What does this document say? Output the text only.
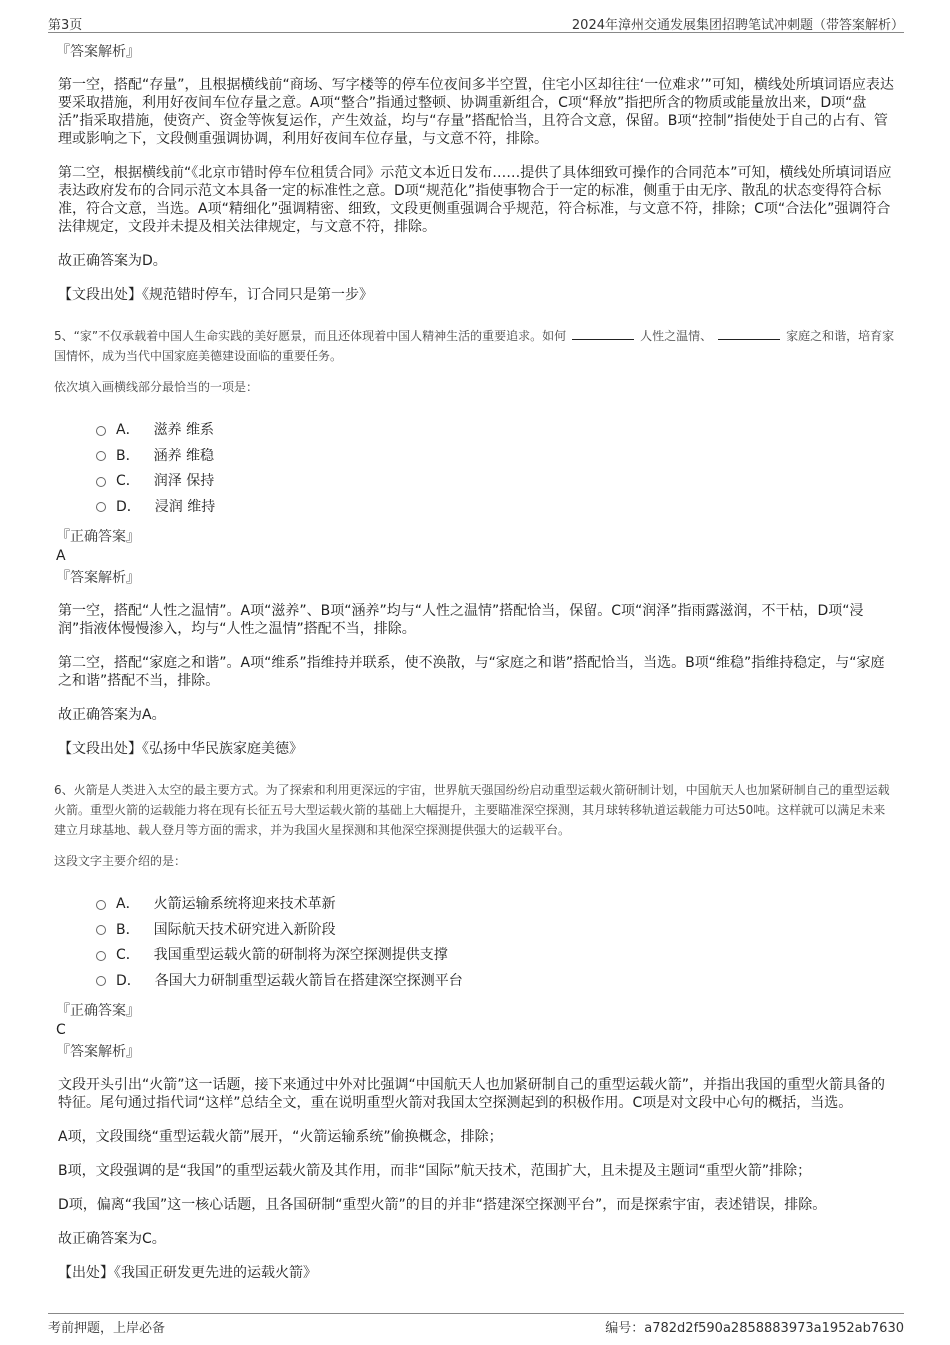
第3页	2024年漳州交通发展集团招聘笔试冲刺题（带答案解析）
『答案解析』

第一空，搭配“存量”，且根据横线前“商场、写字楼等的停车位夜间多半空置，住宅小区却往往‘一位难求’”可知，横线处所填词语应表达要采取措施，利用好夜间车位存量之意。A项“整合”指通过整顿、协调重新组合，C项“释放”指把所含的物质或能量放出来，D项“盘活”指采取措施，使资产、资金等恢复运作，产生效益，均与“存量”搭配恰当，且符合文意，保留。B项“控制”指使处于自己的占有、管理或影响之下，文段侧重强调协调，利用好夜间车位存量，与文意不符，排除。

第二空，根据横线前“《北京市错时停车位租赁合同》示范文本近日发布……提供了具体细致可操作的合同范本”可知，横线处所填词语应表达政府发布的合同示范文本具备一定的标准性之意。D项“规范化”指使事物合于一定的标准，侧重于由无序、散乱的状态变得符合标准，符合文意，当选。A项“精细化”强调精密、细致，文段更侧重强调合乎规范，符合标准，与文意不符，排除；C项“合法化”强调符合法律规定，文段并未提及相关法律规定，与文意不符，排除。

故正确答案为D。

【文段出处】《规范错时停车，订合同只是第一步》

5、“家”不仅承载着中国人生命实践的美好愿景，而且还体现着中国人精神生活的重要追求。如何	人性之温情、	家庭之和谐，培育家国情怀，成为当代中国家庭美德建设面临的重要任务。
依次填入画横线部分最恰当的一项是：
A． 滋养 维系
B． 涵养 维稳
C． 润泽 保持
D． 浸润 维持
『正确答案』
A
『答案解析』

第一空，搭配“人性之温情”。A项“滋养”、B项“涵养”均与“人性之温情”搭配恰当，保留。C项“润泽”指雨露滋润，不干枯，D项“浸润”指液体慢慢渗入，均与“人性之温情”搭配不当，排除。

第二空，搭配“家庭之和谐”。A项“维系”指维持并联系，使不涣散，与“家庭之和谐”搭配恰当，当选。B项“维稳”指维持稳定，与“家庭之和谐”搭配不当，排除。

故正确答案为A。

【文段出处】《弘扬中华民族家庭美德》

6、火箭是人类进入太空的最主要方式。为了探索和利用更深远的宇宙，世界航天强国纷纷启动重型运载火箭研制计划，中国航天人也加紧研制自己的重型运载火箭。重型火箭的运载能力将在现有长征五号大型运载火箭的基础上大幅提升，主要瞄准深空探测，其月球转移轨道运载能力可达50吨。这样就可以满足未来建立月球基地、载人登月等方面的需求，并为我国火星探测和其他深空探测提供强大的运载平台。
这段文字主要介绍的是：
A． 火箭运输系统将迎来技术革新
B． 国际航天技术研究进入新阶段
C． 我国重型运载火箭的研制将为深空探测提供支撑
D． 各国大力研制重型运载火箭旨在搭建深空探测平台
『正确答案』
C
『答案解析』

文段开头引出“火箭”这一话题，接下来通过中外对比强调“中国航天人也加紧研制自己的重型运载火箭”，并指出我国的重型火箭具备的特征。尾句通过指代词“这样”总结全文，重在说明重型火箭对我国太空探测起到的积极作用。C项是对文段中心句的概括，当选。

A项，文段围绕“重型运载火箭”展开，“火箭运输系统”偷换概念，排除；

B项，文段强调的是“我国”的重型运载火箭及其作用，而非“国际”航天技术，范围扩大，且未提及主题词“重型火箭”排除；

D项，偏离“我国”这一核心话题，且各国研制“重型火箭”的目的并非“搭建深空探测平台”，而是探索宇宙，表述错误，排除。

故正确答案为C。

【出处】《我国正研发更先进的运载火箭》

考前押题，上岸必备	编号：a782d2f590a2858883973a1952ab7630
